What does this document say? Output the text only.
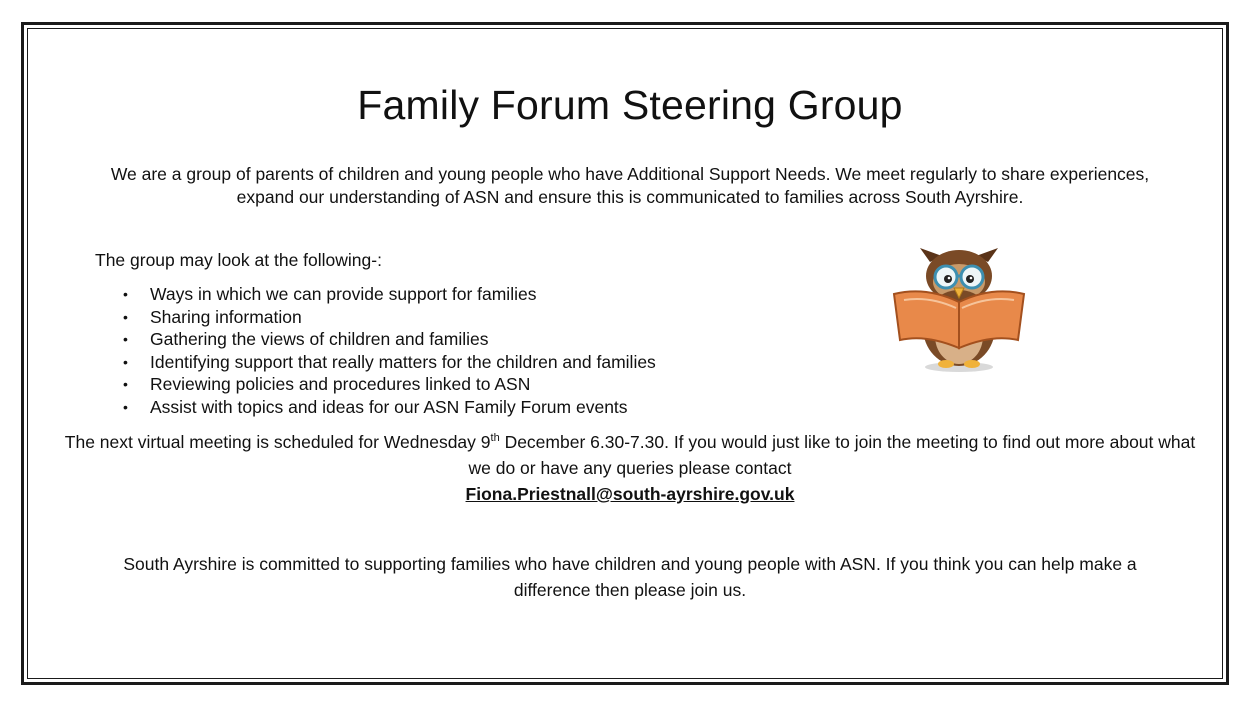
Family Forum Steering Group

We are a group of parents of children and young people who have Additional Support Needs. We meet regularly to share experiences, expand our understanding of ASN and ensure this is communicated to families across South Ayrshire.

The group may look at the following-:

• Ways in which we can provide support for families
• Sharing information
• Gathering the views of children and families
• Identifying support that really matters for the children and families
• Reviewing policies and procedures linked to ASN
• Assist with topics and ideas for our ASN Family Forum events

The next virtual meeting is scheduled for Wednesday 9th December 6.30-7.30. If you would just like to join the meeting to find out more about what we do or have any queries please contact
Fiona.Priestnall@south-ayrshire.gov.uk

South Ayrshire is committed to supporting families who have children and young people with ASN. If you think you can help make a difference then please join us.
